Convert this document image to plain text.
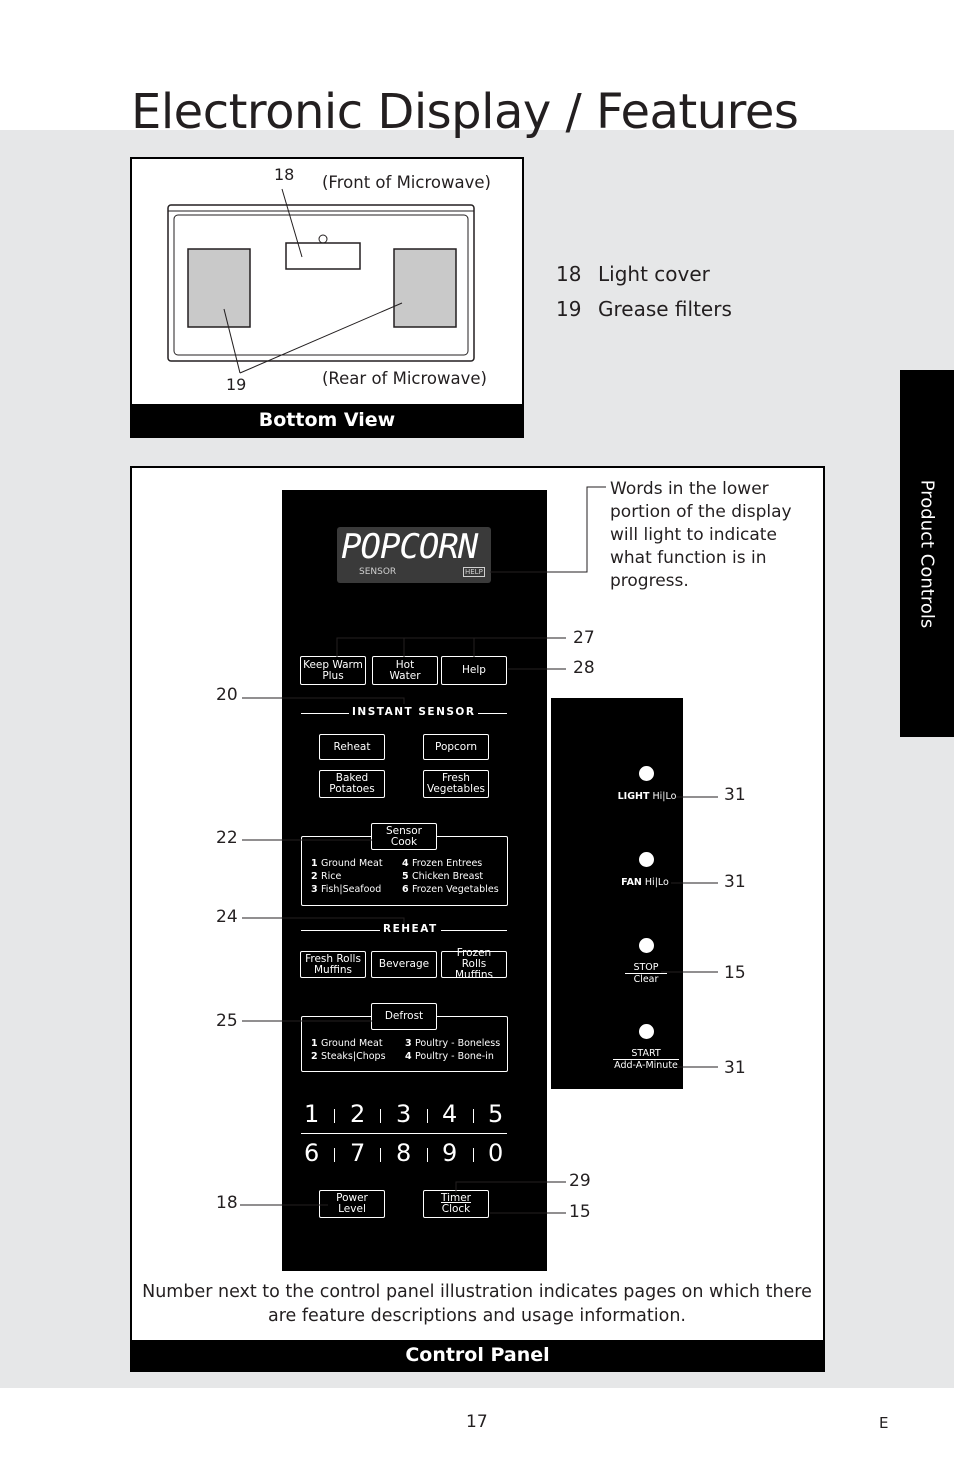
Electronic Display / Features
Product Controls
18 (Front of Microwave)
19	(Rear of Microwave)
Bottom View
18 Light cover
19 Grease filters
Control Panel
POPCORN
SENSOR	HELP
Keep Warm Plus
Hot Water	Help
INSTANT SENSOR
Reheat	Popcorn
Baked Potatoes
Fresh Vegetables
Sensor Cook
1 Ground Meat
2 Rice
3 Fish|Seafood
4 Frozen Entrees
5 Chicken Breast
6 Frozen Vegetables
REHEAT
Fresh Rolls Muffins	Beverage
Frozen Rolls Muffins
Defrost
1 Ground Meat
2 Steaks|Chops
3 Poultry - Boneless
4 Poultry - Bone-in
1 2 3 4 5
6 7 8 9 0
Power Level
Timer
Clock
LIGHT Hi|Lo
FAN Hi|Lo
STOP
Clear
START
Add-A-Minute
Words in the lower portion of the display will light to indicate what function is in progress.
27
28
20
22
24
25
18
29
15
31
31
15
31
Number next to the control panel illustration indicates pages on which there are feature descriptions and usage information.
17	E
